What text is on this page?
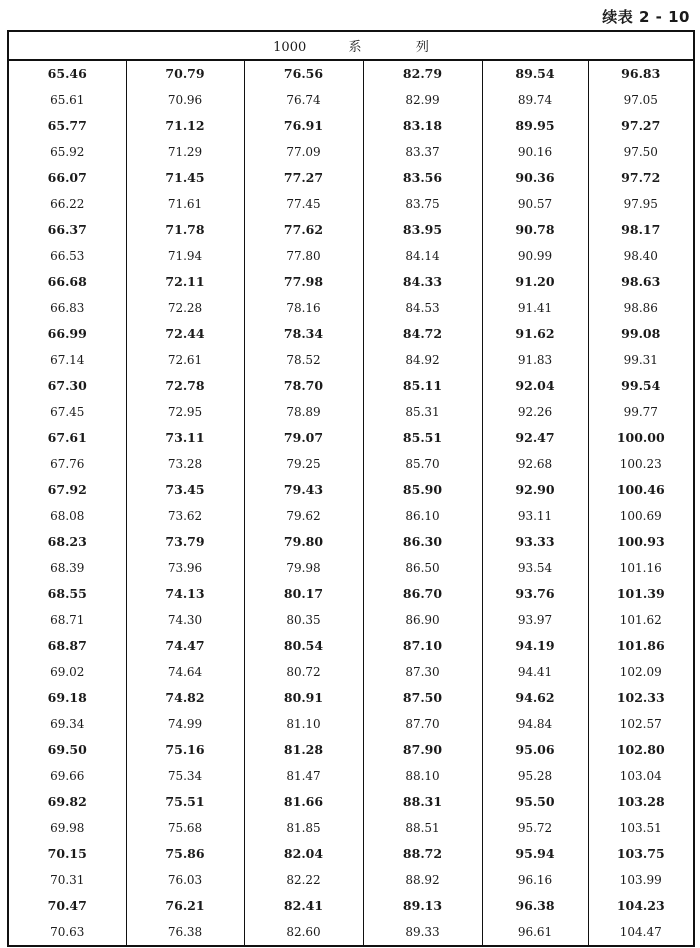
续表 2 - 10
1000 系 列					
65.46	70.79	76.56	82.79	89.54	96.83
65.61	70.96	76.74	82.99	89.74	97.05
65.77	71.12	76.91	83.18	89.95	97.27
65.92	71.29	77.09	83.37	90.16	97.50
66.07	71.45	77.27	83.56	90.36	97.72
66.22	71.61	77.45	83.75	90.57	97.95
66.37	71.78	77.62	83.95	90.78	98.17
66.53	71.94	77.80	84.14	90.99	98.40
66.68	72.11	77.98	84.33	91.20	98.63
66.83	72.28	78.16	84.53	91.41	98.86
66.99	72.44	78.34	84.72	91.62	99.08
67.14	72.61	78.52	84.92	91.83	99.31
67.30	72.78	78.70	85.11	92.04	99.54
67.45	72.95	78.89	85.31	92.26	99.77
67.61	73.11	79.07	85.51	92.47	100.00
67.76	73.28	79.25	85.70	92.68	100.23
67.92	73.45	79.43	85.90	92.90	100.46
68.08	73.62	79.62	86.10	93.11	100.69
68.23	73.79	79.80	86.30	93.33	100.93
68.39	73.96	79.98	86.50	93.54	101.16
68.55	74.13	80.17	86.70	93.76	101.39
68.71	74.30	80.35	86.90	93.97	101.62
68.87	74.47	80.54	87.10	94.19	101.86
69.02	74.64	80.72	87.30	94.41	102.09
69.18	74.82	80.91	87.50	94.62	102.33
69.34	74.99	81.10	87.70	94.84	102.57
69.50	75.16	81.28	87.90	95.06	102.80
69.66	75.34	81.47	88.10	95.28	103.04
69.82	75.51	81.66	88.31	95.50	103.28
69.98	75.68	81.85	88.51	95.72	103.51
70.15	75.86	82.04	88.72	95.94	103.75
70.31	76.03	82.22	88.92	96.16	103.99
70.47	76.21	82.41	89.13	96.38	104.23
70.63	76.38	82.60	89.33	96.61	104.47
